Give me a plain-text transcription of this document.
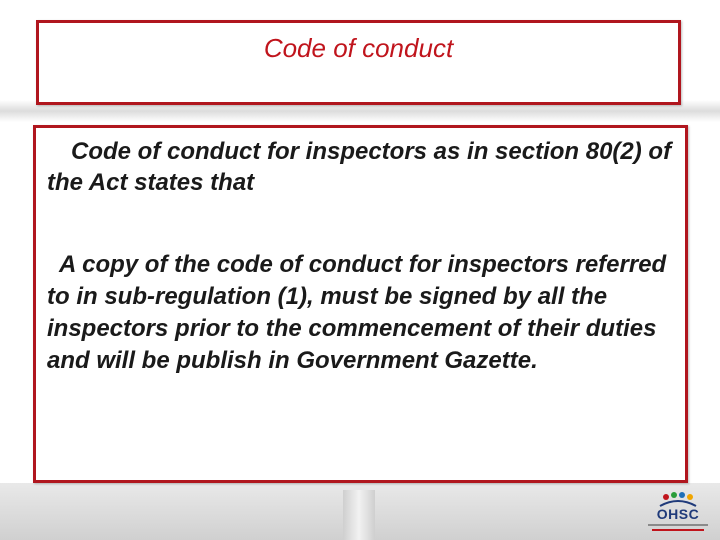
Code of conduct

Code of conduct for inspectors as in section 80(2) of the Act states that

A copy of the code of conduct for inspectors referred to in sub-regulation (1), must be signed by all the inspectors prior to the commencement of their duties and will be publish in Government Gazette.

OHSC
